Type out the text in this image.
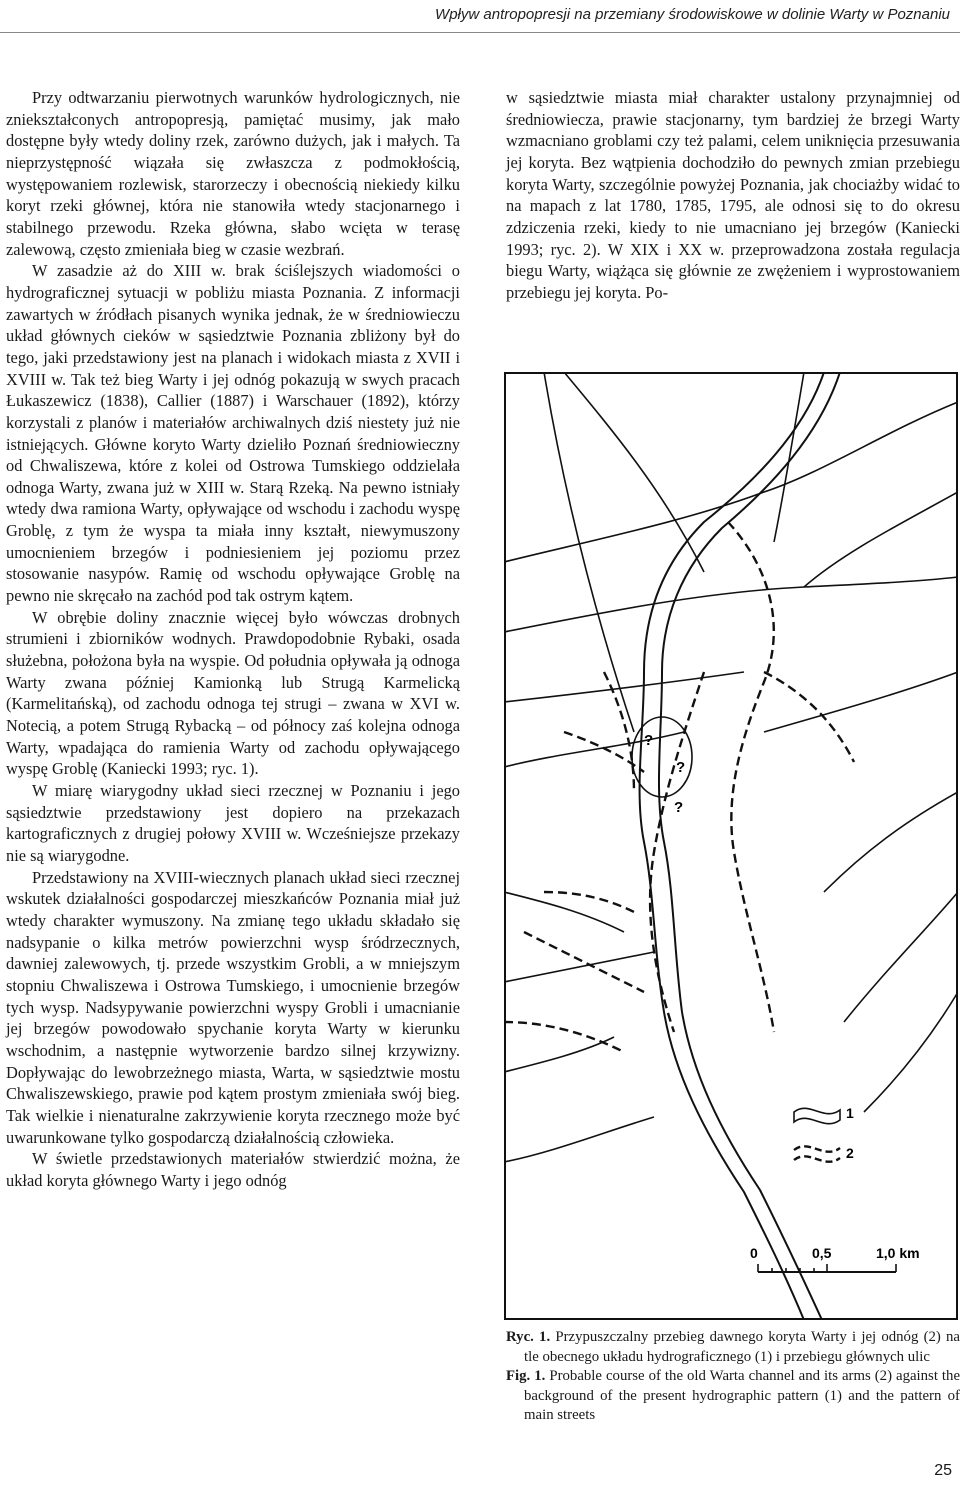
Wpływ antropopresji na przemiany środowiskowe w dolinie Warty w Poznaniu

Przy odtwarzaniu pierwotnych warunków hydrologicznych, nie zniekształconych antropopresją, pamiętać musimy, jak mało dostępne były wtedy doliny rzek, zarówno dużych, jak i małych. Ta nieprzystępność wiązała się zwłaszcza z podmokłością, występowaniem rozlewisk, starorzeczy i obecnością niekiedy kilku koryt rzeki głównej, która nie stanowiła wtedy stacjonarnego i stabilnego przewodu. Rzeka główna, słabo wcięta w terasę zalewową, często zmieniała bieg w czasie wezbrań.

W zasadzie aż do XIII w. brak ściślejszych wiadomości o hydrograficznej sytuacji w pobliżu miasta Poznania. Z informacji zawartych w źródłach pisanych wynika jednak, że w średniowieczu układ głównych cieków w sąsiedztwie Poznania zbliżony był do tego, jaki przedstawiony jest na planach i widokach miasta z XVII i XVIII w. Tak też bieg Warty i jej odnóg pokazują w swych pracach Łukaszewicz (1838), Callier (1887) i Warschauer (1892), którzy korzystali z planów i materiałów archiwalnych dziś niestety już nie istniejących. Główne koryto Warty dzieliło Poznań średniowieczny od Chwaliszewa, które z kolei od Ostrowa Tumskiego oddzielała odnoga Warty, zwana już w XIII w. Starą Rzeką. Na pewno istniały wtedy dwa ramiona Warty, opływające od wschodu i zachodu wyspę Groblę, z tym że wyspa ta miała inny kształt, niewymuszony umocnieniem brzegów i podniesieniem jej poziomu przez stosowanie nasypów. Ramię od wschodu opływające Groblę na pewno nie skręcało na zachód pod tak ostrym kątem.

W obrębie doliny znacznie więcej było wówczas drobnych strumieni i zbiorników wodnych. Prawdopodobnie Rybaki, osada służebna, położona była na wyspie. Od południa opływała ją odnoga Warty zwana później Kamionką lub Strugą Karmelicką (Karmelitańską), od zachodu odnoga tej strugi – zwana w XVI w. Notecią, a potem Strugą Rybacką – od północy zaś kolejna odnoga Warty, wpadająca do ramienia Warty od zachodu opływającego wyspę Groblę (Kaniecki 1993; ryc. 1).

W miarę wiarygodny układ sieci rzecznej w Poznaniu i jego sąsiedztwie przedstawiony jest dopiero na przekazach kartograficznych z drugiej połowy XVIII w. Wcześniejsze przekazy nie są wiarygodne.

Przedstawiony na XVIII-wiecznych planach układ sieci rzecznej wskutek działalności gospodarczej mieszkańców Poznania miał już wtedy charakter wymuszony. Na zmianę tego układu składało się nadsypanie o kilka metrów powierzchni wysp śródrzecznych, dawniej zalewowych, tj. przede wszystkim Grobli, a w mniejszym stopniu Chwaliszewa i Ostrowa Tumskiego, i umocnienie brzegów tych wysp. Nadsypywanie powierzchni wyspy Grobli i umacnianie jej brzegów powodowało spychanie koryta Warty w kierunku wschodnim, a następnie wytworzenie bardzo silnej krzywizny. Dopływając do lewobrzeżnego miasta, Warta, w sąsiedztwie mostu Chwaliszewskiego, prawie pod kątem prostym zmieniała swój bieg. Tak wielkie i nienaturalne zakrzywienie koryta rzecznego może być uwarunkowane tylko gospodarczą działalnością człowieka.

W świetle przedstawionych materiałów stwierdzić można, że układ koryta głównego Warty i jego odnóg

w sąsiedztwie miasta miał charakter ustalony przynajmniej od średniowiecza, prawie stacjonarny, tym bardziej że brzegi Warty wzmacniano groblami czy też palami, celem uniknięcia przesuwania jej koryta. Bez wątpienia dochodziło do pewnych zmian przebiegu koryta Warty, szczególnie powyżej Poznania, jak chociażby widać to na mapach z lat 1780, 1785, 1795, ale odnosi się to do okresu zdziczenia rzeki, kiedy to nie umacniano jej brzegów (Kaniecki 1993; ryc. 2). W XIX i XX w. przeprowadzona została regulacja biegu Warty, wiążąca się głównie ze zwężeniem i wyprostowaniem przebiegu jej koryta. Po-

?
?
?
1
2
0	0,5	1,0 km

Ryc. 1. Przypuszczalny przebieg dawnego koryta Warty i jej odnóg (2) na tle obecnego układu hydrograficznego (1) i przebiegu głównych ulic

Fig. 1. Probable course of the old Warta channel and its arms (2) against the background of the present hydrographic pattern (1) and the pattern of main streets

25
